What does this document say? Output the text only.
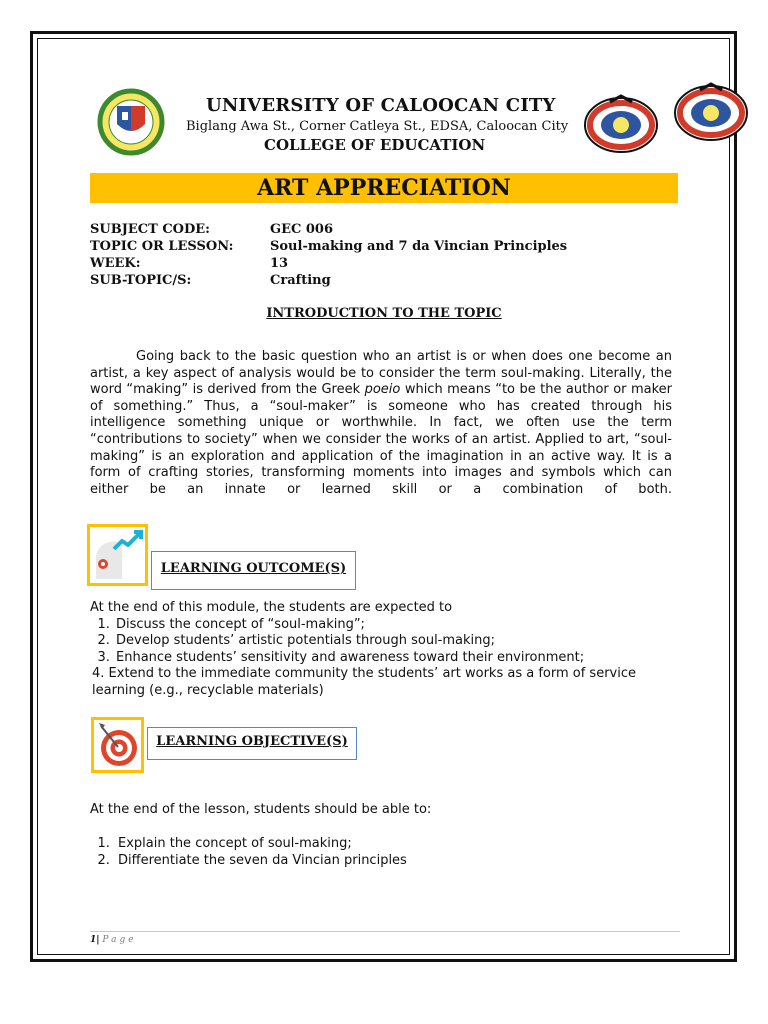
UNIVERSITY OF CALOOCAN CITY
Biglang Awa St., Corner Catleya St., EDSA, Caloocan City
COLLEGE OF EDUCATION
ART APPRECIATION
SUBJECT CODE:	GEC 006
TOPIC OR LESSON:	Soul-making and 7 da Vincian Principles
WEEK:	13
SUB-TOPIC/S:	Crafting
INTRODUCTION TO THE TOPIC
Going back to the basic question who an artist is or when does one become an artist, a key aspect of analysis would be to consider the term soul-making. Literally, the word “making” is derived from the Greek poeio which means “to be the author or maker of something.” Thus, a “soul-maker” is someone who has created through his intelligence something unique or worthwhile. In fact, we often use the term “contributions to society” when we consider the works of an artist. Applied to art, “soul-making” is an exploration and application of the imagination in an active way. It is a form of crafting stories, transforming moments into images and symbols which can either be an innate or learned skill or a combination of both.
LEARNING OUTCOME(S)
At the end of this module, the students are expected to
1. Discuss the concept of “soul-making”;
2. Develop students’ artistic potentials through soul-making;
3. Enhance students’ sensitivity and awareness toward their environment;
4. Extend to the immediate community the students’ art works as a form of service learning (e.g., recyclable materials)
LEARNING OBJECTIVE(S)
At the end of the lesson, students should be able to:
1. Explain the concept of soul-making;
2. Differentiate the seven da Vincian principles
1| Page
